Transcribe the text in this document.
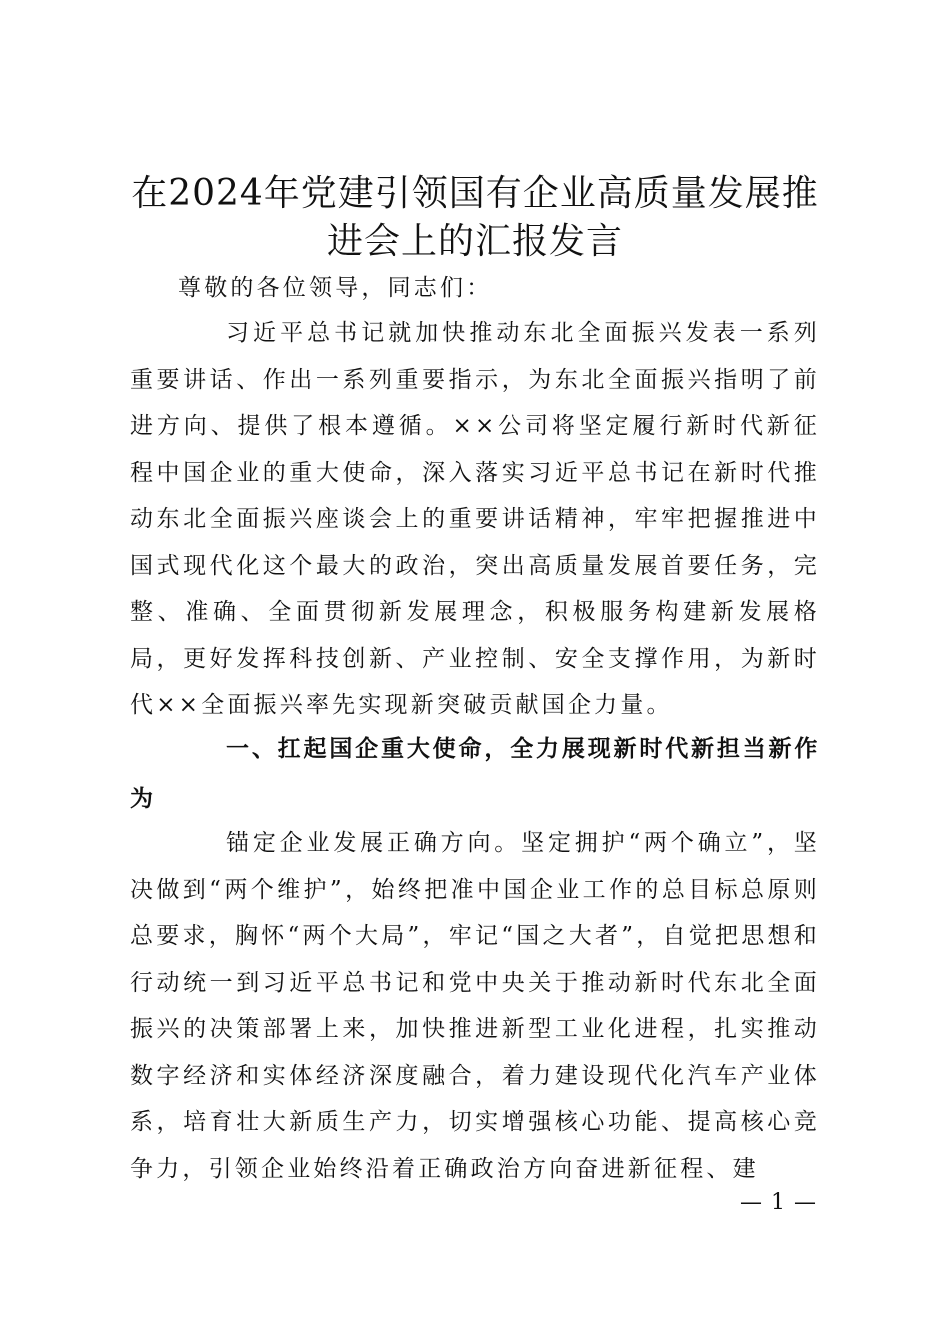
在2024年党建引领国有企业高质量发展推进会上的汇报发言

尊敬的各位领导，同志们：

习近平总书记就加快推动东北全面振兴发表一系列重要讲话、作出一系列重要指示，为东北全面振兴指明了前进方向、提供了根本遵循。××公司将坚定履行新时代新征程中国企业的重大使命，深入落实习近平总书记在新时代推动东北全面振兴座谈会上的重要讲话精神，牢牢把握推进中国式现代化这个最大的政治，突出高质量发展首要任务，完整、准确、全面贯彻新发展理念，积极服务构建新发展格局，更好发挥科技创新、产业控制、安全支撑作用，为新时代××全面振兴率先实现新突破贡献国企力量。

一、扛起国企重大使命，全力展现新时代新担当新作为

锚定企业发展正确方向。坚定拥护“两个确立”，坚决做到“两个维护”，始终把准中国企业工作的总目标总原则总要求，胸怀“两个大局”，牢记“国之大者”，自觉把思想和行动统一到习近平总书记和党中央关于推动新时代东北全面振兴的决策部署上来，加快推进新型工业化进程，扎实推动数字经济和实体经济深度融合，着力建设现代化汽车产业体系，培育壮大新质生产力，切实增强核心功能、提高核心竞争力，引领企业始终沿着正确政治方向奋进新征程、建

— 1 —
